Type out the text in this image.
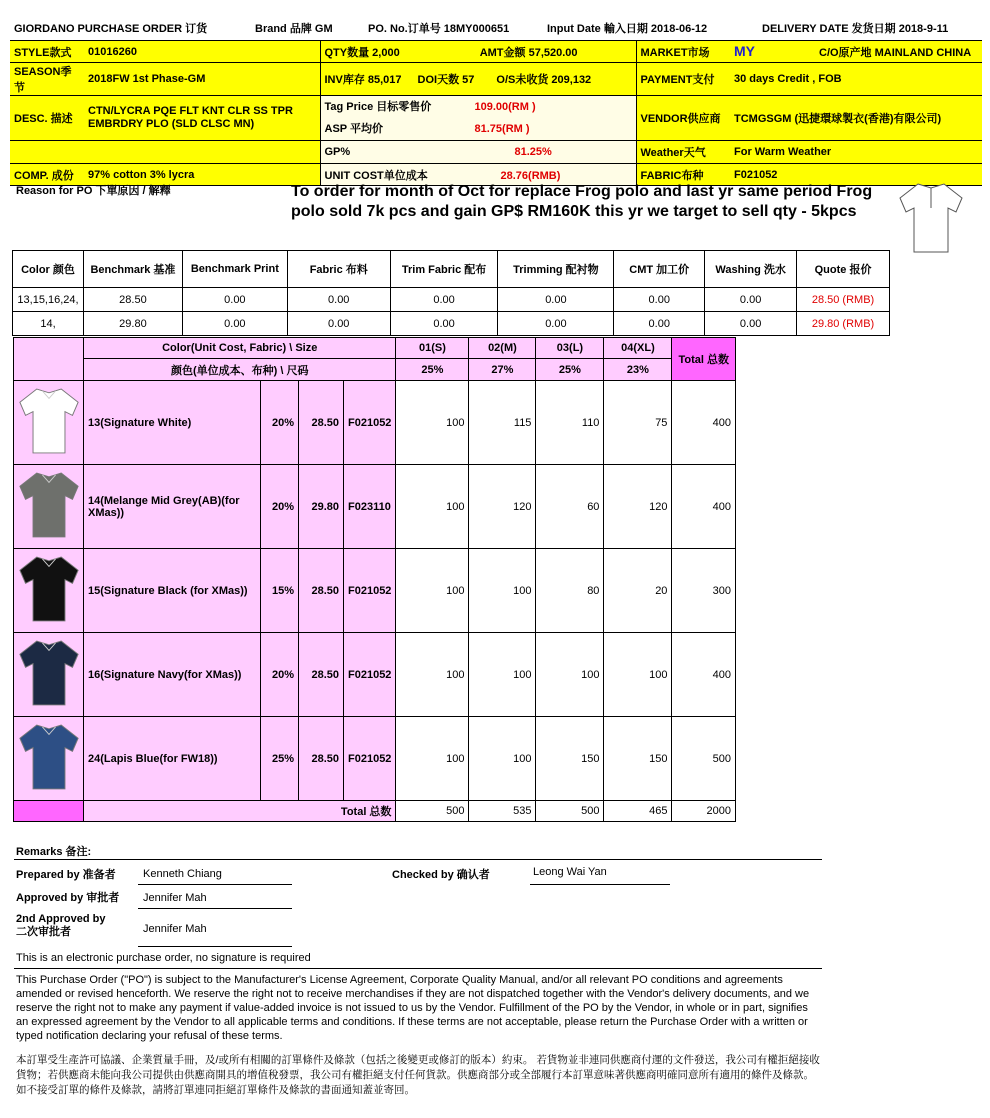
GIORDANO PURCHASE ORDER 订货	Brand 品牌 GM	PO. No.订单号 18MY000651	Input Date 輸入日期 2018-06-12	DELIVERY DATE 发货日期 2018-9-11
STYLE款式	01016260	QTY数量 2,000 AMT金额 57,520.00	MARKET市场	MY C/O原产地 MAINLAND CHINA
SEASON季节	2018FW 1st Phase-GM	INV库存 85,017 DOI天数 57 O/S未收货 209,132	PAYMENT支付	30 days Credit , FOB
DESC. 描述	CTN/LYCRA PQE FLT KNT CLR SS TPR EMBRDRY PLO (SLD CLSC MN)	Tag Price 目标零售价 109.00(RM )
ASP 平均价 81.75(RM )	VENDOR供应商	TCMGSGM (迅捷環球製衣(香港)有限公司)
		GP% 81.25%	Weather天气	For Warm Weather
COMP. 成份	97% cotton 3% lycra	UNIT COST单位成本 28.76(RMB)	FABRIC布种	F021052
Reason for PO 下單原因 / 解釋	To order for month of Oct for replace Frog polo and last yr same period Frog polo sold 7k pcs and gain GP$ RM160K this yr we target to sell qty - 5kpcs
Color 颜色	Benchmark 基准	Benchmark Print	Fabric 布料	Trim Fabric 配布	Trimming 配衬物	CMT 加工价	Washing 洗水	Quote 报价
13,15,16,24,	28.50	0.00	0.00	0.00	0.00	0.00	0.00	28.50 (RMB)
14,	29.80	0.00	0.00	0.00	0.00	0.00	0.00	29.80 (RMB)
	Color(Unit Cost, Fabric) \ Size				01(S)	02(M)	03(L)	04(XL)	Total 总数
	颜色(单位成本、布种) \ 尺码				25%	27%	25%	23%	
	13(Signature White)	20%	28.50	F021052	100	115	110	75	400
	14(Melange Mid Grey(AB)(for XMas))	20%	29.80	F023110	100	120	60	120	400
	15(Signature Black (for XMas))	15%	28.50	F021052	100	100	80	20	300
	16(Signature Navy(for XMas))	20%	28.50	F021052	100	100	100	100	400
	24(Lapis Blue(for FW18))	25%	28.50	F021052	100	100	150	150	500
	Total 总数				500	535	500	465	2000
Remarks 备注:
Prepared by 准备者 Kenneth Chiang	Checked by 确认者	Leong Wai Yan
Approved by 审批者 Jennifer Mah
2nd Approved by 二次审批者	Jennifer Mah
This is an electronic purchase order, no signature is required
This Purchase Order ("PO") is subject to the Manufacturer's License Agreement, Corporate Quality Manual, and/or all relevant PO conditions and agreements amended or revised henceforth. We reserve the right not to receive merchandises if they are not dispatched together with the Vendor's delivery documents, and we reserve the right not to make any payment if value-added invoice is not issued to us by the Vendor. Fulfillment of the PO by the Vendor, in whole or in part, signifies an expressed agreement by the Vendor to all applicable terms and conditions. If these terms are not acceptable, please return the Purchase Order with a written or typed notification declaring your refusal of these terms.
本訂單受生產許可協議、企業質量手冊，及/或所有相關的訂單條件及條款（包括之後變更或修訂的版本）約束。 若貨物並非連同供應商付運的文件發送，我公司有權拒絕接收貨物；若供應商未能向我公司提供由供應商開具的增值稅發票，我公司有權拒絕支付任何貨款。供應商部分或全部履行本訂單意味著供應商明確同意所有適用的條件及條款。如不接受訂單的條件及條款，請將訂單連同拒絕訂單條件及條款的書面通知蓋並寄回。
